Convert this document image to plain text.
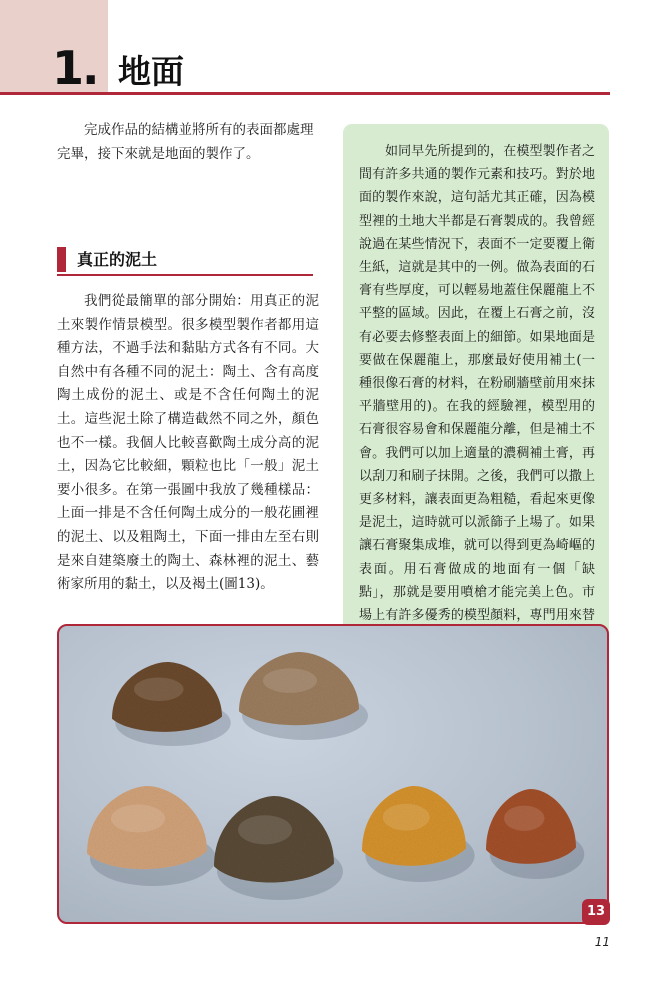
1. 地面

完成作品的結構並將所有的表面都處理完畢，接下來就是地面的製作了。

真正的泥土

我們從最簡單的部分開始：用真正的泥土來製作情景模型。很多模型製作者都用這種方法，不過手法和黏貼方式各有不同。大自然中有各種不同的泥土：陶土、含有高度陶土成份的泥土、或是不含任何陶土的泥土。這些泥土除了構造截然不同之外，顏色也不一樣。我個人比較喜歡陶土成分高的泥土，因為它比較細，顆粒也比「一般」泥土要小很多。在第一張圖中我放了幾種樣品：上面一排是不含任何陶土成分的一般花圃裡的泥土、以及粗陶土，下面一排由左至右則是來自建築廢土的陶土、森林裡的泥土、藝術家所用的黏土，以及褐土(圖13)。

如同早先所提到的，在模型製作者之間有許多共通的製作元素和技巧。對於地面的製作來說，這句話尤其正確，因為模型裡的土地大半都是石膏製成的。我曾經說過在某些情況下，表面不一定要覆上衛生紙，這就是其中的一例。做為表面的石膏有些厚度，可以輕易地蓋住保麗龍上不平整的區域。因此，在覆上石膏之前，沒有必要去修整表面上的細節。如果地面是要做在保麗龍上，那麼最好使用補土(一種很像石膏的材料，在粉刷牆壁前用來抹平牆壁用的)。在我的經驗裡，模型用的石膏很容易會和保麗龍分離，但是補土不會。我們可以加上適量的濃稠補土膏，再以刮刀和刷子抹開。之後，我們可以撒上更多材料，讓表面更為粗糙，看起來更像是泥土，這時就可以派篩子上場了。如果讓石膏聚集成堆，就可以得到更為崎嶇的表面。用石膏做成的地面有一個「缺點」，那就是要用噴槍才能完美上色。市場上有許多優秀的模型顏料，專門用來替

13
11
